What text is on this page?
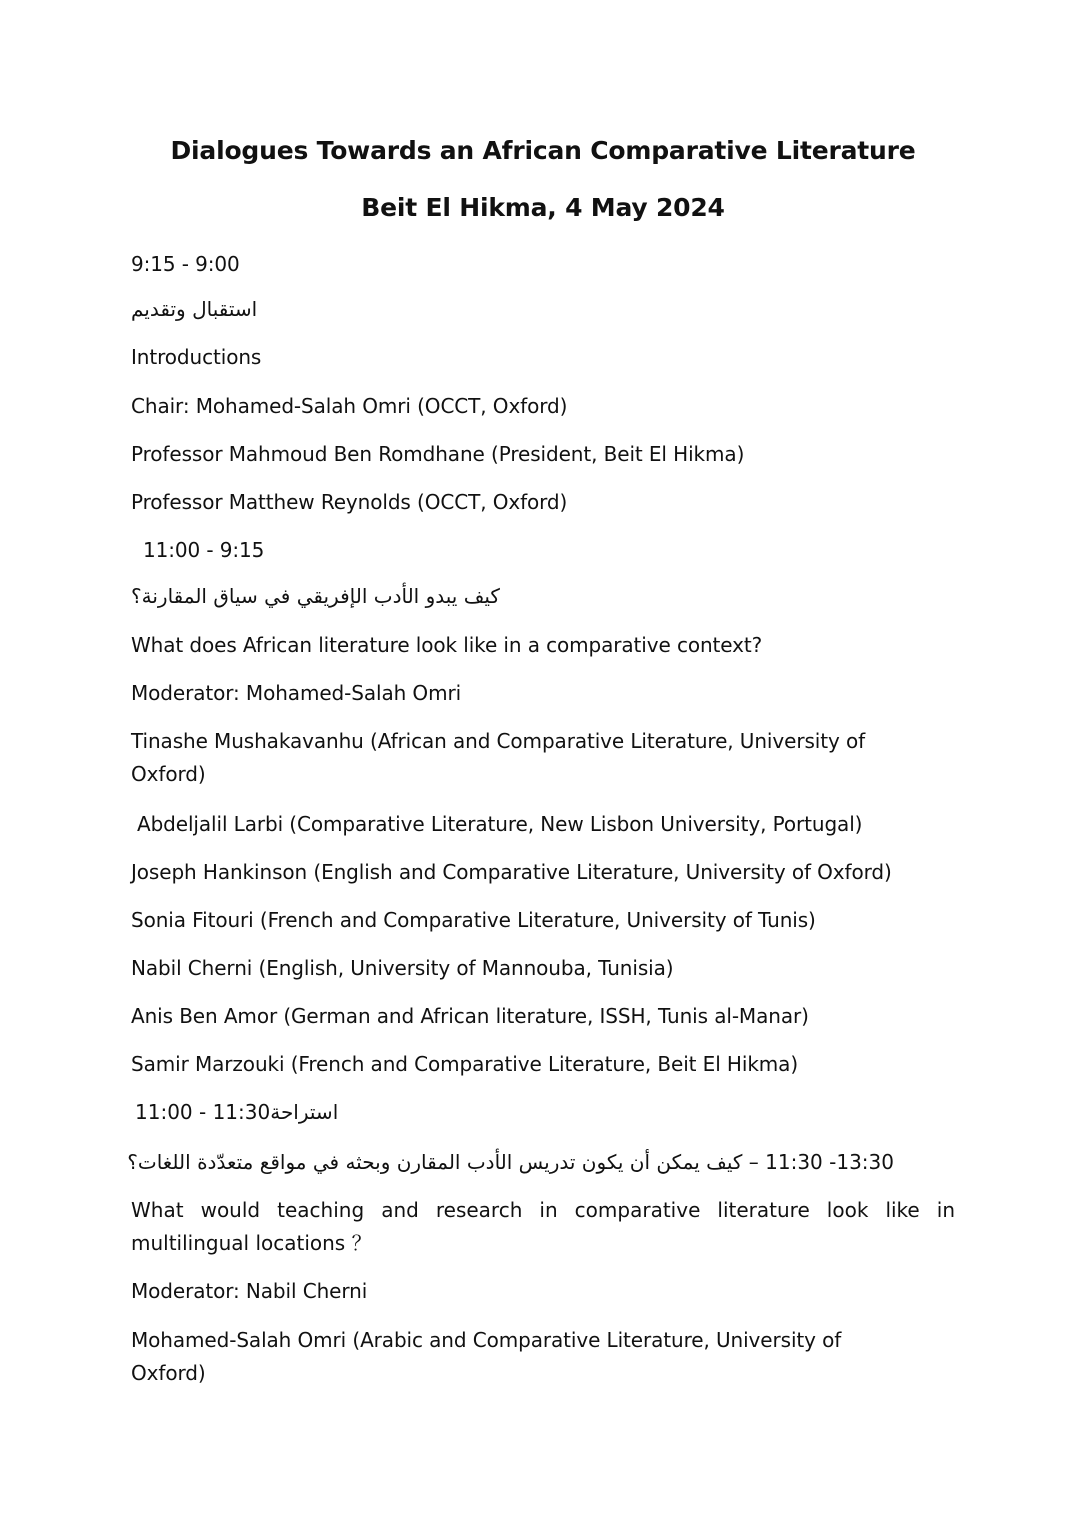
Dialogues Towards an African Comparative Literature
Beit El Hikma, 4 May 2024
9:15 - 9:00
استقبال وتقديم
Introductions
Chair: Mohamed-Salah Omri (OCCT, Oxford)
Professor Mahmoud Ben Romdhane (President, Beit El Hikma)
Professor Matthew Reynolds (OCCT, Oxford)
11:00 - 9:15
كيف يبدو الأدب الإفريقي في سياق المقارنة؟
What does African literature look like in a comparative context?
Moderator: Mohamed-Salah Omri
Tinashe Mushakavanhu (African and Comparative Literature, University of Oxford)
Abdeljalil Larbi (Comparative Literature, New Lisbon University, Portugal)
Joseph Hankinson (English and Comparative Literature, University of Oxford)
Sonia Fitouri (French and Comparative Literature, University of Tunis)
Nabil Cherni (English, University of Mannouba, Tunisia)
Anis Ben Amor (German and African literature, ISSH, Tunis al-Manar)
Samir Marzouki (French and Comparative Literature, Beit El Hikma)
استراحة11:30 - 11:00
11:30 -13:30 – كيف يمكن أن يكون تدريس الأدب المقارن وبحثه في مواقع متعدّدة اللغات؟
What would teaching and research in comparative literature look like in multilingual locations ？
Moderator: Nabil Cherni
Mohamed-Salah Omri (Arabic and Comparative Literature, University of Oxford)
